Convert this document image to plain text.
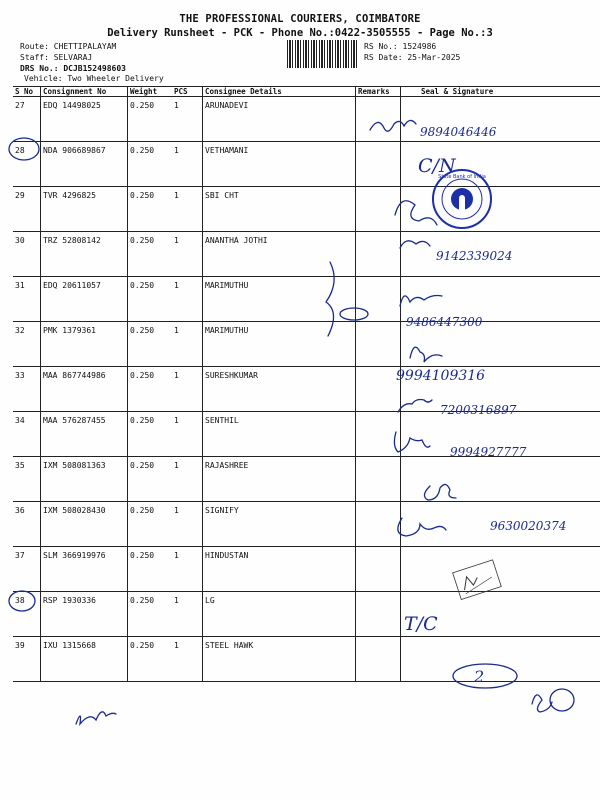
THE PROFESSIONAL COURIERS, COIMBATORE
Delivery Runsheet - PCK - Phone No.:0422-3505555 - Page No.:3
Route: CHETTIPALAYAM
Staff: SELVARAJ
DRS No.: DCJB152498603
Vehicle: Two Wheeler Delivery
RS No.: 1524986
RS Date: 25-Mar-2025
S No	Consignment No	Weight	PCS	Consignee Details	Remarks	Seal & Signature
27	EDQ 14498025	0.250	1	ARUNADEVI		
28	NDA 906689867	0.250	1	VETHAMANI		
29	TVR 4296825	0.250	1	SBI CHT		
30	TRZ 52808142	0.250	1	ANANTHA JOTHI		
31	EDQ 20611057	0.250	1	MARIMUTHU		
32	PMK 1379361	0.250	1	MARIMUTHU		
33	MAA 867744986	0.250	1	SURESHKUMAR		
34	MAA 576287455	0.250	1	SENTHIL		
35	IXM 508081363	0.250	1	RAJASHREE		
36	IXM 508028430	0.250	1	SIGNIFY		
37	SLM 366919976	0.250	1	HINDUSTAN		
38	RSP 1930336	0.250	1	LG		
39	IXU 1315668	0.250	1	STEEL HAWK		
9894046446
C/N
9142339024
9486447300
9994109316
7200316897
9994927777
9630020374
T/C
2
State Bank of India
